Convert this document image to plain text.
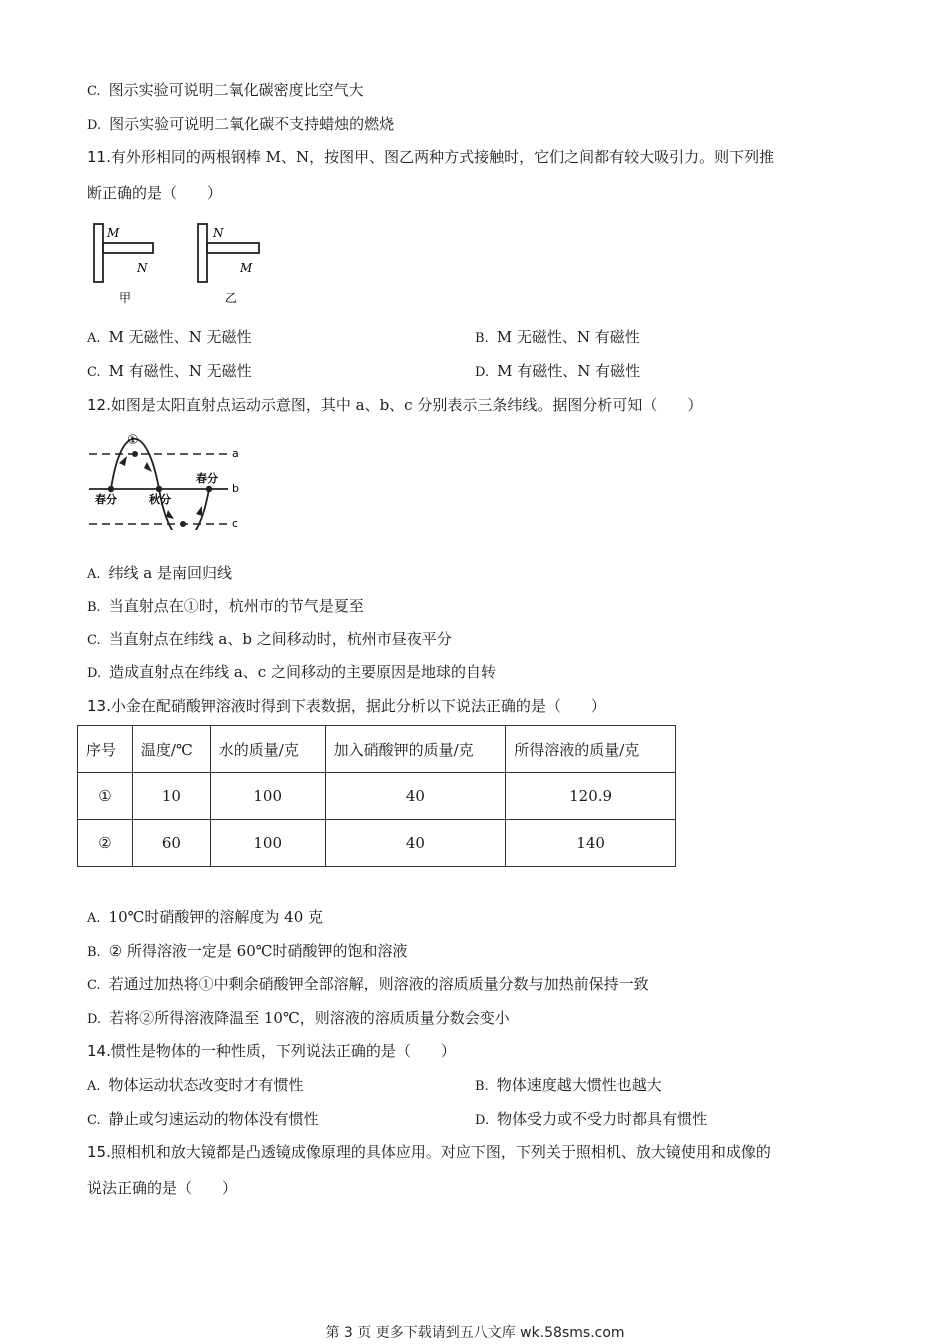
C. 图示实验可说明二氧化碳密度比空气大
D. 图示实验可说明二氧化碳不支持蜡烛的燃烧
11.有外形相同的两根钢棒 M、N，按图甲、图乙两种方式接触时，它们之间都有较大吸引力。则下列推
断正确的是（　　）
M
N
甲
N
M
乙
A. M 无磁性、N 无磁性	B. M 无磁性、N 有磁性
C. M 有磁性、N 无磁性	D. M 有磁性、N 有磁性
12.如图是太阳直射点运动示意图，其中 a、b、c 分别表示三条纬线。据图分析可知（　　）
①
a
b
c
春分	秋分
春分
A. 纬线 a 是南回归线
B. 当直射点在①时，杭州市的节气是夏至
C. 当直射点在纬线 a、b 之间移动时，杭州市昼夜平分
D. 造成直射点在纬线 a、c 之间移动的主要原因是地球的自转
13.小金在配硝酸钾溶液时得到下表数据，据此分析以下说法正确的是（　　）
序号	温度/℃	水的质量/克	加入硝酸钾的质量/克	所得溶液的质量/克
①	10	100	40	120.9
②	60	100	40	140
A. 10℃时硝酸钾的溶解度为 40 克
B. ② 所得溶液一定是 60℃时硝酸钾的饱和溶液
C. 若通过加热将①中剩余硝酸钾全部溶解，则溶液的溶质质量分数与加热前保持一致
D. 若将②所得溶液降温至 10℃，则溶液的溶质质量分数会变小
14.惯性是物体的一种性质，下列说法正确的是（　　）
A. 物体运动状态改变时才有惯性	B. 物体速度越大惯性也越大
C. 静止或匀速运动的物体没有惯性	D. 物体受力或不受力时都具有惯性
15.照相机和放大镜都是凸透镜成像原理的具体应用。对应下图，下列关于照相机、放大镜使用和成像的
说法正确的是（　　）
第 3 页 更多下载请到五八文库 wk.58sms.com
